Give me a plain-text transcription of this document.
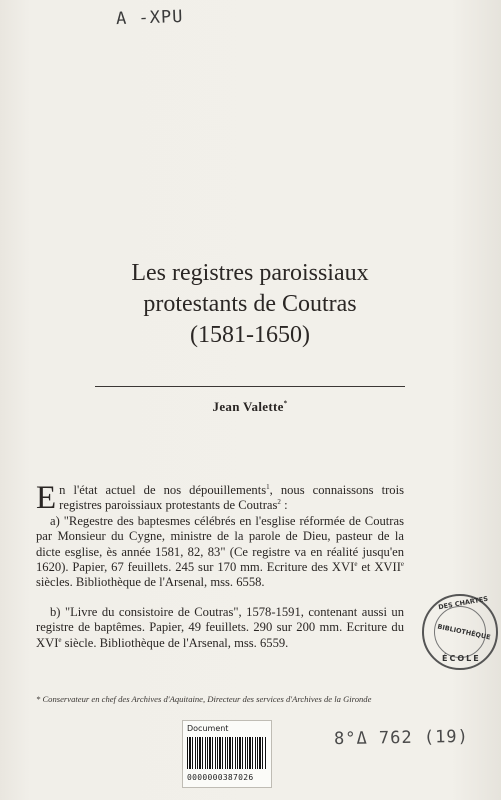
A -XPU
Les registres paroissiaux
protestants de Coutras
(1581-1650)
Jean Valette*

En l'état actuel de nos dépouillements$^1$, nous connaissons trois registres paroissiaux protestants de Coutras$^2$ :

a) "Regestre des baptesmes célébrés en l'esglise réformée de Coutras par Monsieur du Cygne, ministre de la parole de Dieu, pasteur de la dicte esglise, ès année 1581, 82, 83" (Ce registre va en réalité jusqu'en 1620). Papier, 67 feuillets. 245 sur 170 mm. Ecriture des XVIe et XVIIe siècles. Bibliothèque de l'Arsenal, mss. 6558.

b) "Livre du consistoire de Coutras", 1578-1591, contenant aussi un registre de baptêmes. Papier, 49 feuillets. 290 sur 200 mm. Ecriture du XVIe siècle. Bibliothèque de l'Arsenal, mss. 6559.

* Conservateur en chef des Archives d'Aquitaine, Directeur des services d'Archives de la Gironde
DES CHARTES
BIBLIOTHÈQUE
ÉCOLE
Document
0000000387026
8°Δ 762 (19)
